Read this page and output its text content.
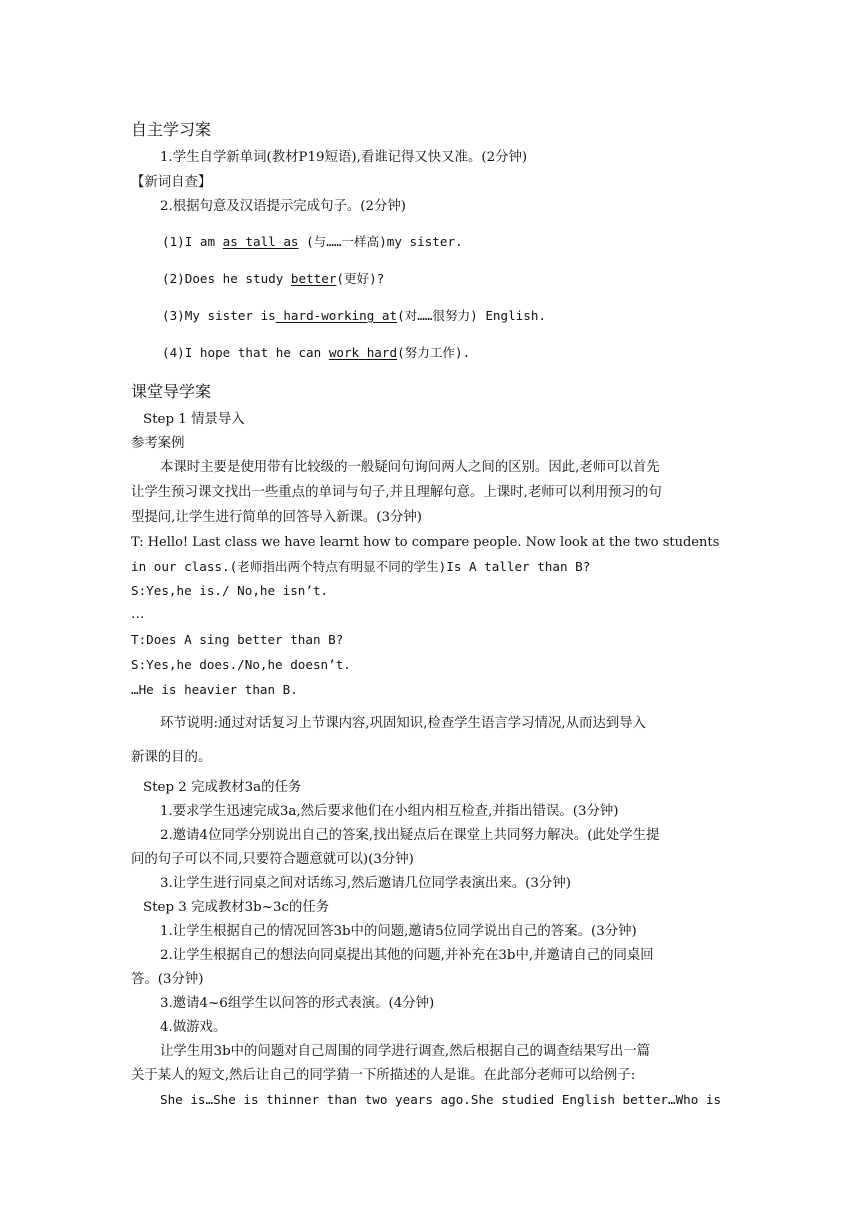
自主学习案
1.学生自学新单词(教材P19短语),看谁记得又快又准。(2分钟)
【新词自查】
2.根据句意及汉语提示完成句子。(2分钟)
(1)I am as tall as (与……一样高)my sister.
(2)Does he study better(更好)?
(3)My sister is hard-working at(对……很努力) English.
(4)I hope that he can work hard(努力工作).
课堂导学案
Step 1 情景导入
参考案例
本课时主要是使用带有比较级的一般疑问句询问两人之间的区别。因此,老师可以首先
让学生预习课文找出一些重点的单词与句子,并且理解句意。上课时,老师可以利用预习的句
型提问,让学生进行简单的回答导入新课。(3分钟)
T: Hello! Last class we have learnt how to compare people. Now look at the two students
in our class.(老师指出两个特点有明显不同的学生)Is A taller than B?
S:Yes,he is./ No,he isn’t.
…
T:Does A sing better than B?
S:Yes,he does./No,he doesn’t.
…He is heavier than B.
环节说明:通过对话复习上节课内容,巩固知识,检查学生语言学习情况,从而达到导入
新课的目的。
Step 2 完成教材3a的任务
1.要求学生迅速完成3a,然后要求他们在小组内相互检查,并指出错误。(3分钟)
2.邀请4位同学分别说出自己的答案,找出疑点后在课堂上共同努力解决。(此处学生提
问的句子可以不同,只要符合题意就可以)(3分钟)
3.让学生进行同桌之间对话练习,然后邀请几位同学表演出来。(3分钟)
Step 3 完成教材3b~3c的任务
1.让学生根据自己的情况回答3b中的问题,邀请5位同学说出自己的答案。(3分钟)
2.让学生根据自己的想法向同桌提出其他的问题,并补充在3b中,并邀请自己的同桌回
答。(3分钟)
3.邀请4~6组学生以问答的形式表演。(4分钟)
4.做游戏。
让学生用3b中的问题对自己周围的同学进行调查,然后根据自己的调查结果写出一篇
关于某人的短文,然后让自己的同学猜一下所描述的人是谁。在此部分老师可以给例子:
She is…She is thinner than two years ago.She studied English better…Who is
